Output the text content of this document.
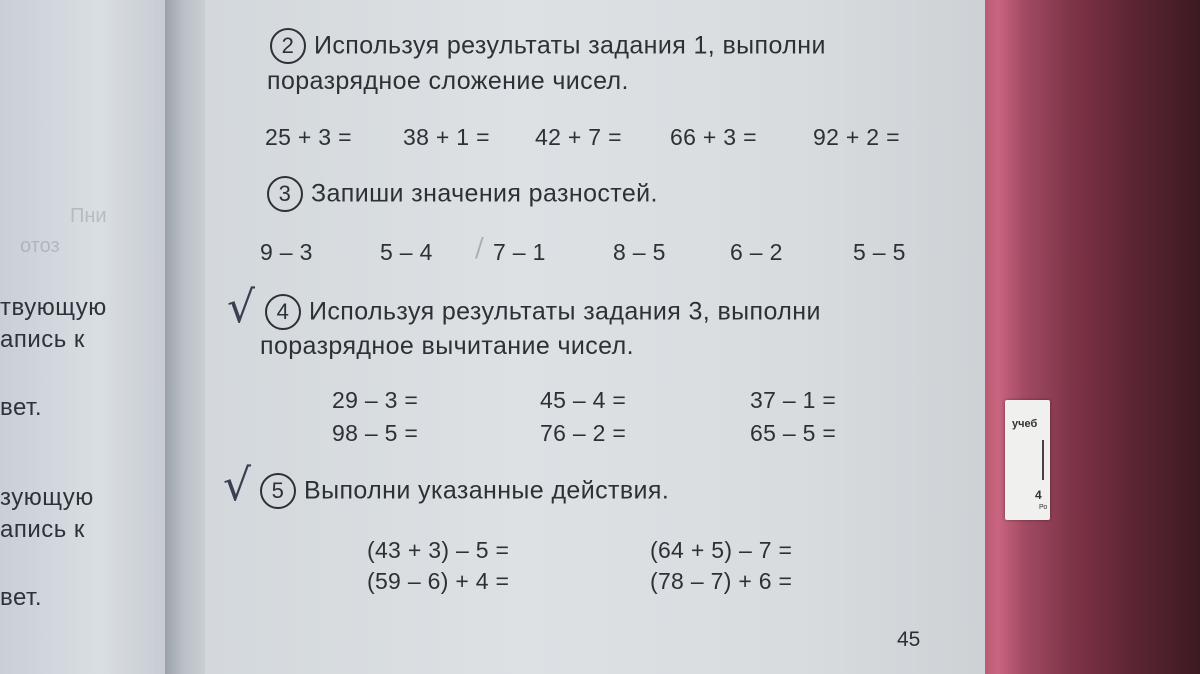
Пни
отоз
твующую
апись к
вет.
зующую
апись к
вет.
2 Используя результаты задания 1, выполни
поразрядное сложение чисел.
25 + 3 = 38 + 1 = 42 + 7 = 66 + 3 = 92 + 2 =
3 Запиши значения разностей.
9 – 3	5 – 4 / 7 – 1	8 – 5	6 – 2	5 – 5
√ 4 Используя результаты задания 3, выполни
поразрядное вычитание чисел.
29 – 3 =	45 – 4 =	37 – 1 =
98 – 5 =	76 – 2 =	65 – 5 =
√ 5 Выполни указанные действия.
(43 + 3) – 5 =	(64 + 5) – 7 =
(59 – 6) + 4 =	(78 – 7) + 6 =
45
учеб
4
Ро
